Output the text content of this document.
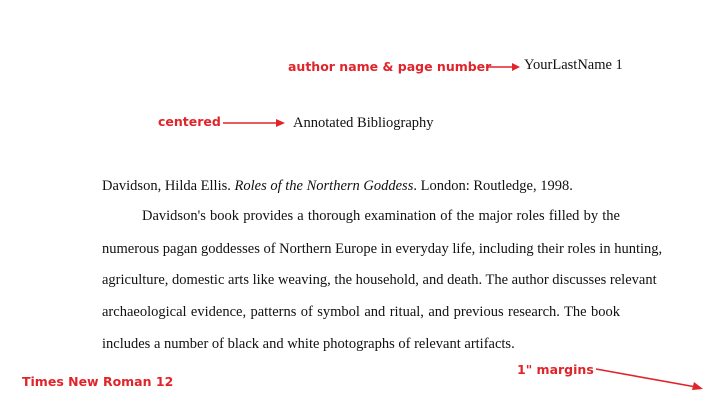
author name & page number YourLastName 1
centered	Annotated Bibliography
Davidson, Hilda Ellis. Roles of the Northern Goddess. London: Routledge, 1998.
Davidson's book provides a thorough examination of the major roles filled by the
numerous pagan goddesses of Northern Europe in everyday life, including their roles in hunting,
agriculture, domestic arts like weaving, the household, and death. The author discusses relevant
archaeological evidence, patterns of symbol and ritual, and previous research. The book
includes a number of black and white photographs of relevant artifacts.
Times New Roman 12
1" margins
